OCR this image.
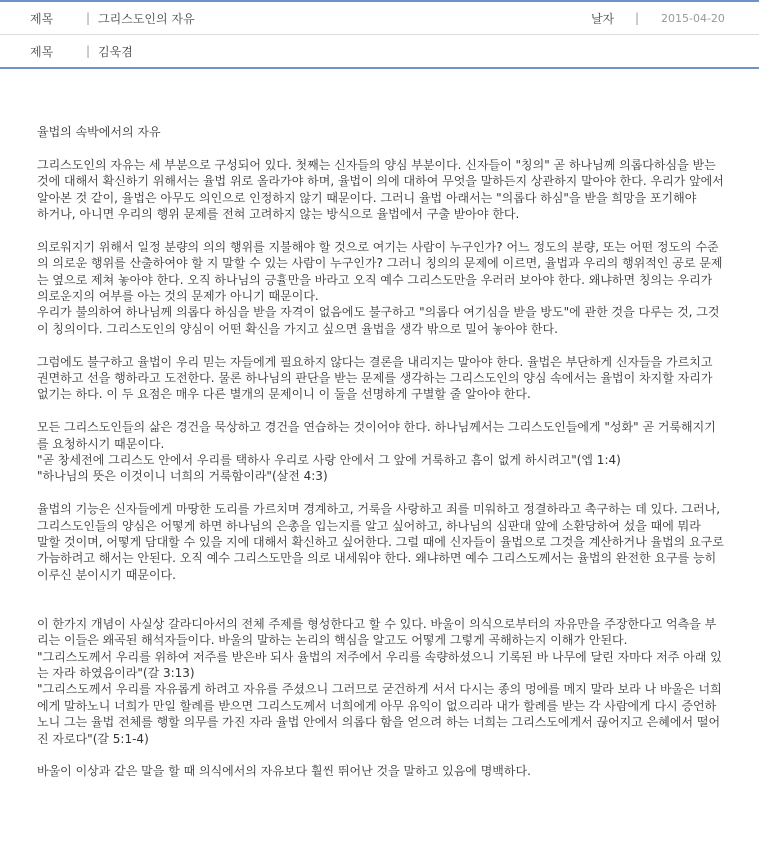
제목	| 그리스도인의 자유	날자	| 2015-04-20
제목	| 김욱겸

율법의 속박에서의 자유

그리스도인의 자유는 세 부분으로 구성되어 있다. 첫째는 신자들의 양심 부분이다. 신자들이 "칭의" 곧 하나님께 의롭다하심을 받는 것에 대해서 확신하기 위해서는 율법 위로 올라가야 하며, 율법이 의에 대하여 무엇을 말하든지 상관하지 말아야 한다. 우리가 앞에서 알아본 것 같이, 율법은 아무도 의인으로 인정하지 않기 때문이다. 그러니 율법 아래서는 "의롭다 하심"을 받을 희망을 포기해야 하거나, 아니면 우리의 행위 문제를 전혀 고려하지 않는 방식으로 율법에서 구출 받아야 한다.

의로워지기 위해서 일정 분량의 의의 행위를 지불해야 할 것으로 여기는 사람이 누구인가? 어느 정도의 분량, 또는 어떤 정도의 수준의 의로운 행위를 산출하여야 할 지 말할 수 있는 사람이 누구인가? 그러니 칭의의 문제에 이르면, 율법과 우리의 행위적인 공로 문제는 옆으로 제쳐 놓아야 한다. 오직 하나님의 긍휼만을 바라고 오직 예수 그리스도만을 우러러 보아야 한다. 왜냐하면 칭의는 우리가 의로운지의 여부를 아는 것의 문제가 아니기 때문이다.
우리가 불의하여 하나님께 의롭다 하심을 받을 자격이 없음에도 불구하고 "의롭다 여기심을 받을 방도"에 관한 것을 다루는 것, 그것이 칭의이다. 그리스도인의 양심이 어떤 확신을 가지고 싶으면 율법을 생각 밖으로 밀어 놓아야 한다.

그럼에도 불구하고 율법이 우리 믿는 자들에게 필요하지 않다는 결론을 내리지는 말아야 한다. 율법은 부단하게 신자들을 가르치고 권면하고 선을 행하라고 도전한다. 물론 하나님의 판단을 받는 문제를 생각하는 그리스도인의 양심 속에서는 율법이 차지할 자리가 없기는 하다. 이 두 요점은 매우 다른 별개의 문제이니 이 둘을 선명하게 구별할 줄 알아야 한다.

모든 그리스도인들의 삶은 경건을 묵상하고 경건을 연습하는 것이어야 한다. 하나님께서는 그리스도인들에게 "성화" 곧 거룩해지기를 요청하시기 때문이다.
"곧 창세전에 그리스도 안에서 우리를 택하사 우리로 사랑 안에서 그 앞에 거룩하고 흠이 없게 하시려고"(엡 1:4)
"하나님의 뜻은 이것이니 너희의 거룩함이라"(살전 4:3)

율법의 기능은 신자들에게 마땅한 도리를 가르치며 경계하고, 거룩을 사랑하고 죄를 미워하고 정결하라고 촉구하는 데 있다. 그러나, 그리스도인들의 양심은 어떻게 하면 하나님의 은총을 입는지를 알고 싶어하고, 하나님의 심판대 앞에 소환당하여 섰을 때에 뭐라 말할 것이며, 어떻게 담대할 수 있을 지에 대해서 확신하고 싶어한다. 그럴 때에 신자들이 율법으로 그것을 계산하거나 율법의 요구로 가늠하려고 해서는 안된다. 오직 예수 그리스도만을 의로 내세워야 한다. 왜냐하면 예수 그리스도께서는 율법의 완전한 요구를 능히 이루신 분이시기 때문이다.

이 한가지 개념이 사실상 갈라디아서의 전체 주제를 형성한다고 할 수 있다. 바울이 의식으로부터의 자유만을 주장한다고 억측을 부리는 이들은 왜곡된 해석자들이다. 바울의 말하는 논리의 핵심을 알고도 어떻게 그렇게 곡해하는지 이해가 안된다.
"그리스도께서 우리를 위하여 저주를 받은바 되사 율법의 저주에서 우리를 속량하셨으니 기록된 바 나무에 달린 자마다 저주 아래 있는 자라 하였음이라"(갈 3:13)
"그리스도께서 우리를 자유롭게 하려고 자유를 주셨으니 그러므로 굳건하게 서서 다시는 종의 멍에를 메지 말라 보라 나 바울은 너희에게 말하노니 너희가 만일 할례를 받으면 그리스도께서 너희에게 아무 유익이 없으리라 내가 할례를 받는 각 사람에게 다시 증언하노니 그는 율법 전체를 행할 의무를 가진 자라 율법 안에서 의롭다 함을 얻으려 하는 너희는 그리스도에게서 끊어지고 은혜에서 떨어진 자로다"(갈 5:1-4)

바울이 이상과 같은 말을 할 때 의식에서의 자유보다 훨씬 뛰어난 것을 말하고 있음에 명백하다.
